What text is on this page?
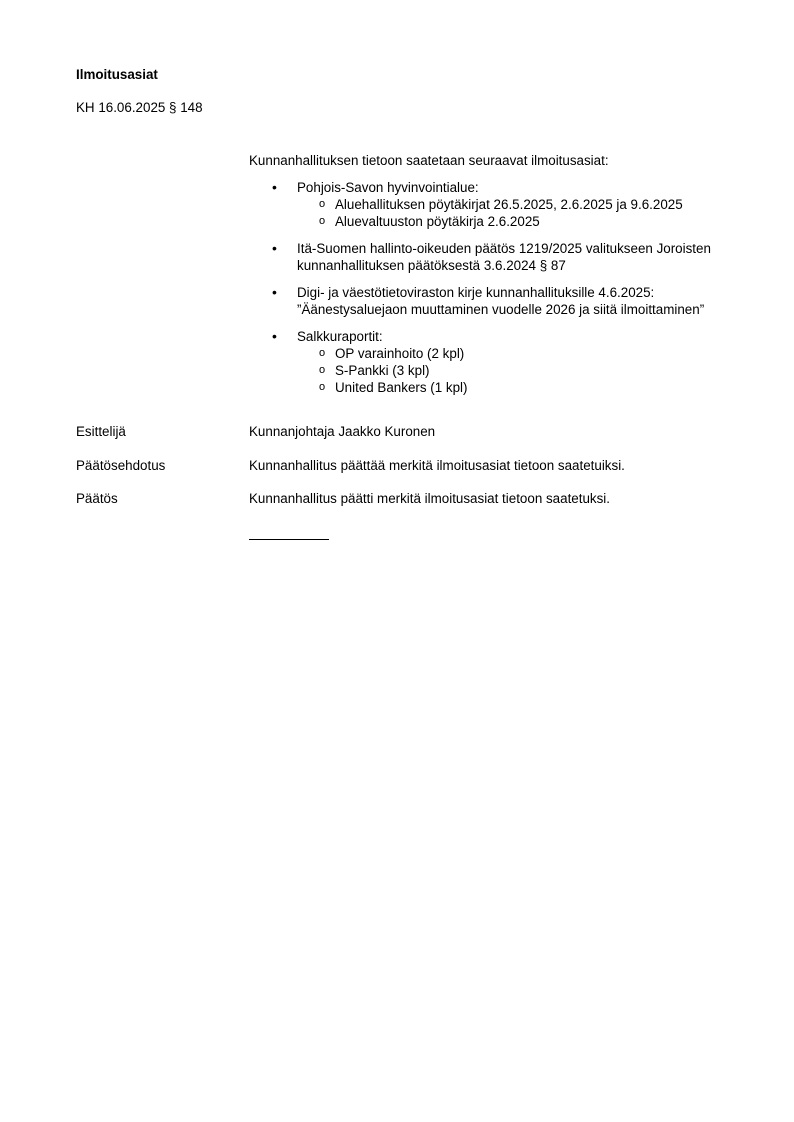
Ilmoitusasiat
KH 16.06.2025 § 148
Kunnanhallituksen tietoon saatetaan seuraavat ilmoitusasiat:
• Pohjois-Savon hyvinvointialue:
o Aluehallituksen pöytäkirjat 26.5.2025, 2.6.2025 ja 9.6.2025
o Aluevaltuuston pöytäkirja 2.6.2025
• Itä-Suomen hallinto-oikeuden päätös 1219/2025 valitukseen Joroisten kunnanhallituksen päätöksestä 3.6.2024 § 87
• Digi- ja väestötietoviraston kirje kunnanhallituksille 4.6.2025: ”Äänestysaluejaon muuttaminen vuodelle 2026 ja siitä ilmoittaminen”
• Salkkuraportit:
o OP varainhoito (2 kpl)
o S-Pankki (3 kpl)
o United Bankers (1 kpl)
Esittelijä	Kunnanjohtaja Jaakko Kuronen
Päätösehdotus	Kunnanhallitus päättää merkitä ilmoitusasiat tietoon saatetuiksi.
Päätös	Kunnanhallitus päätti merkitä ilmoitusasiat tietoon saatetuksi.
